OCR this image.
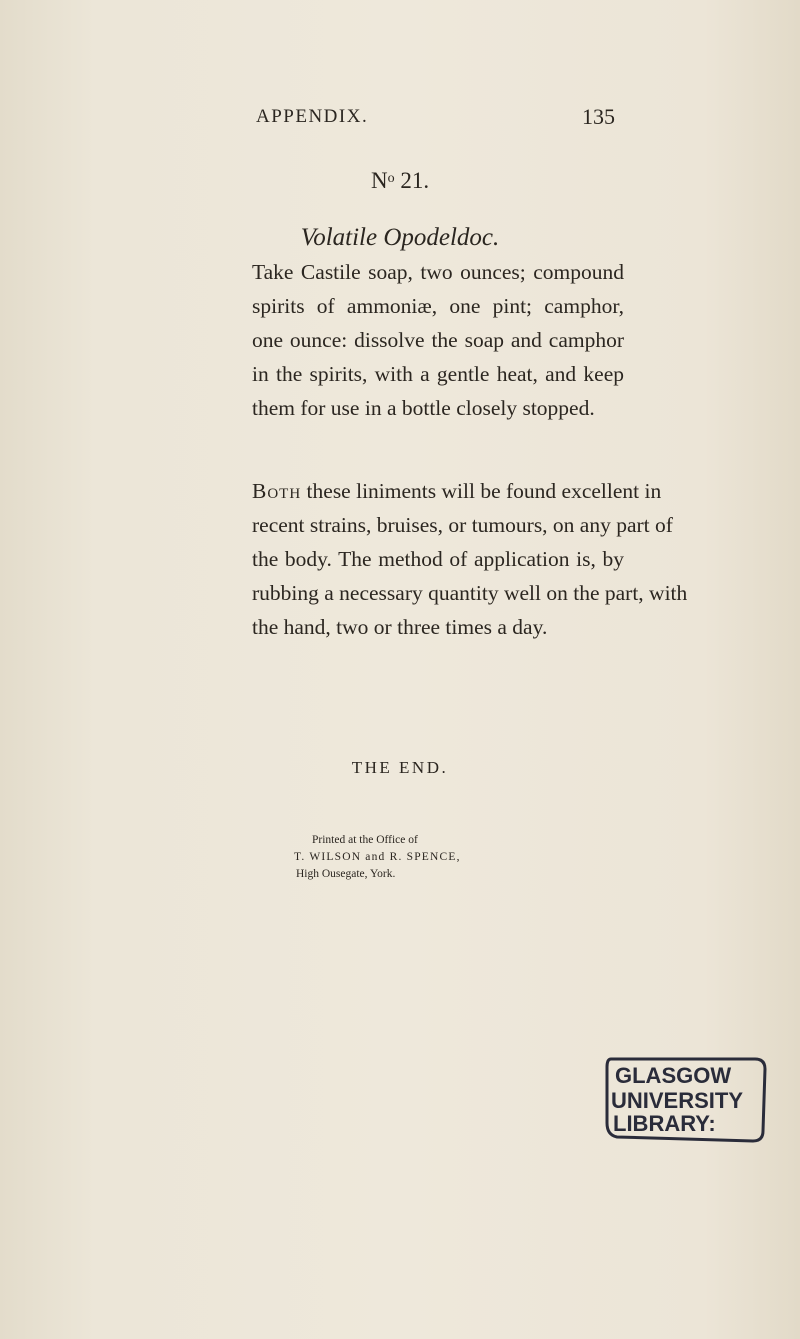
APPENDIX.	135
$N^o$ 21.
Volatile Opodeldoc.
Take Castile soap, two ounces; compound
spirits of ammoniæ, one pint; camphor,
one ounce: dissolve the soap and camphor
in the spirits, with a gentle heat, and keep
them for use in a bottle closely stopped.
Both these liniments will be found excellent in
recent strains, bruises, or tumours, on any part of
the body. The method of application is, by
rubbing a necessary quantity well on the part, with
the hand, two or three times a day.
THE END.
Printed at the Office of
T. WILSON and R. SPENCE,
High Ousegate, York.
GLASGOW
UNIVERSITY
LIBRARY:
